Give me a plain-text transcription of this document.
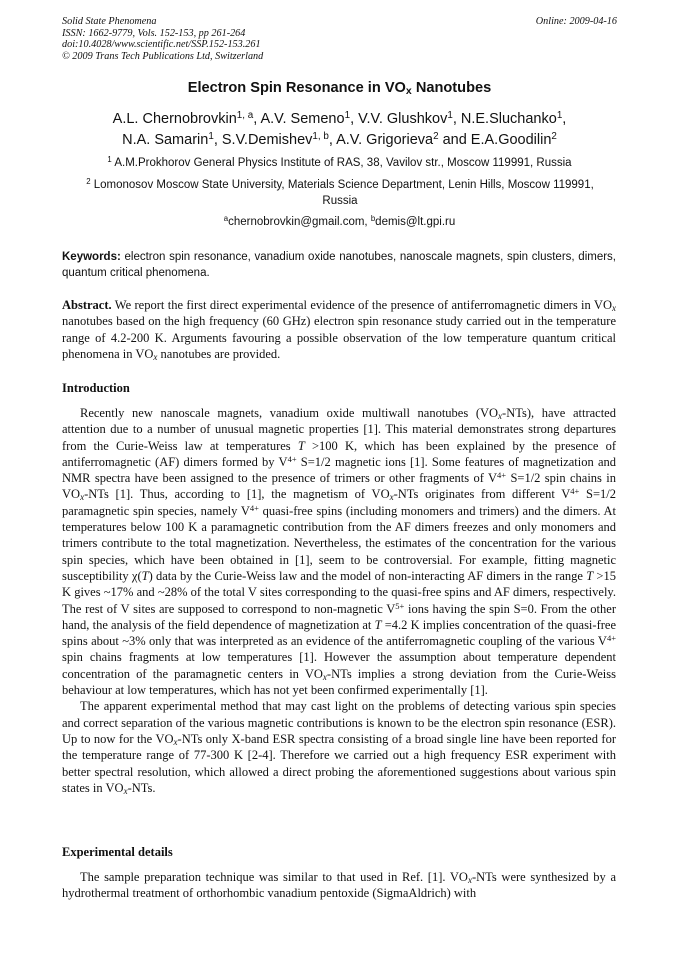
Solid State Phenomena	Online: 2009-04-16
ISSN: 1662-9779, Vols. 152-153, pp 261-264
doi:10.4028/www.scientific.net/SSP.152-153.261
© 2009 Trans Tech Publications Ltd, Switzerland
Electron Spin Resonance in $VO_x$ Nanotubes
A.L. Chernobrovkin$^{1, a}$, A.V. Semeno$^1$, V.V. Glushkov$^1$, N.E.Sluchanko$^1$,
N.A. Samarin$^1$, S.V.Demishev$^{1, b}$, A.V. Grigorieva$^2$ and E.A.Goodilin$^2$
$^1$ A.M.Prokhorov General Physics Institute of RAS, 38, Vavilov str., Moscow 119991, Russia
$^2$ Lomonosov Moscow State University, Materials Science Department, Lenin Hills, Moscow 119991, Russia
$^a$chernobrovkin@gmail.com, $^b$demis@lt.gpi.ru
Keywords: electron spin resonance, vanadium oxide nanotubes, nanoscale magnets, spin clusters, dimers, quantum critical phenomena.
Abstract. We report the first direct experimental evidence of the presence of antiferromagnetic dimers in $VO_x$ nanotubes based on the high frequency (60 GHz) electron spin resonance study carried out in the temperature range of 4.2-200 K. Arguments favouring a possible observation of the low temperature quantum critical phenomena in $VO_x$ nanotubes are provided.
Introduction

Recently new nanoscale magnets, vanadium oxide multiwall nanotubes $(VO_x-NTs)$, have attracted attention due to a number of unusual magnetic properties [1]. This material demonstrates strong departures from the Curie-Weiss law at temperatures T >100 K, which has been explained by the presence of antiferromagnetic (AF) dimers formed by $V^{4+}$ S=1/2 magnetic ions [1]. Some features of magnetization and NMR spectra have been assigned to the presence of trimers or other fragments of $V^{4+}$ S=1/2 spin chains in $VO_x$-NTs [1]. Thus, according to [1], the magnetism of $VO_x$-NTs originates from different $V^{4+}$ S=1/2 paramagnetic spin species, namely $V^{4+}$ quasi-free spins (including monomers and trimers) and the dimers. At temperatures below 100 K a paramagnetic contribution from the AF dimers freezes and only monomers and trimers contribute to the total magnetization. Nevertheless, the estimates of the concentration for the various spin species, which have been obtained in [1], seem to be controversial. For example, fitting magnetic susceptibility χ(T) data by the Curie-Weiss law and the model of non-interacting AF dimers in the range T >15 K gives ~17% and ~28% of the total V sites corresponding to the quasi-free spins and AF dimers, respectively. The rest of V sites are supposed to correspond to non-magnetic $V^{5+}$ ions having the spin S=0. From the other hand, the analysis of the field dependence of magnetization at T =4.2 K implies concentration of the quasi-free spins about ~3% only that was interpreted as an evidence of the antiferromagnetic coupling of the various $V^{4+}$ spin chains fragments at low temperatures [1]. However the assumption about temperature dependent concentration of the paramagnetic centers in $VO_x$-NTs implies a strong deviation from the Curie-Weiss behaviour at low temperatures, which has not yet been confirmed experimentally [1].

The apparent experimental method that may cast light on the problems of detecting various spin species and correct separation of the various magnetic contributions is known to be the electron spin resonance (ESR). Up to now for the $VO_x$-NTs only X-band ESR spectra consisting of a broad single line have been reported for the temperature range of 77-300 K [2-4]. Therefore we carried out a high frequency ESR experiment with better spectral resolution, which allowed a direct probing the aforementioned suggestions about various spin states in $VO_x$-NTs.

Experimental details

The sample preparation technique was similar to that used in Ref. [1]. $VO_x$-NTs were synthesized by a hydrothermal treatment of orthorhombic vanadium pentoxide (SigmaAldrich) with
